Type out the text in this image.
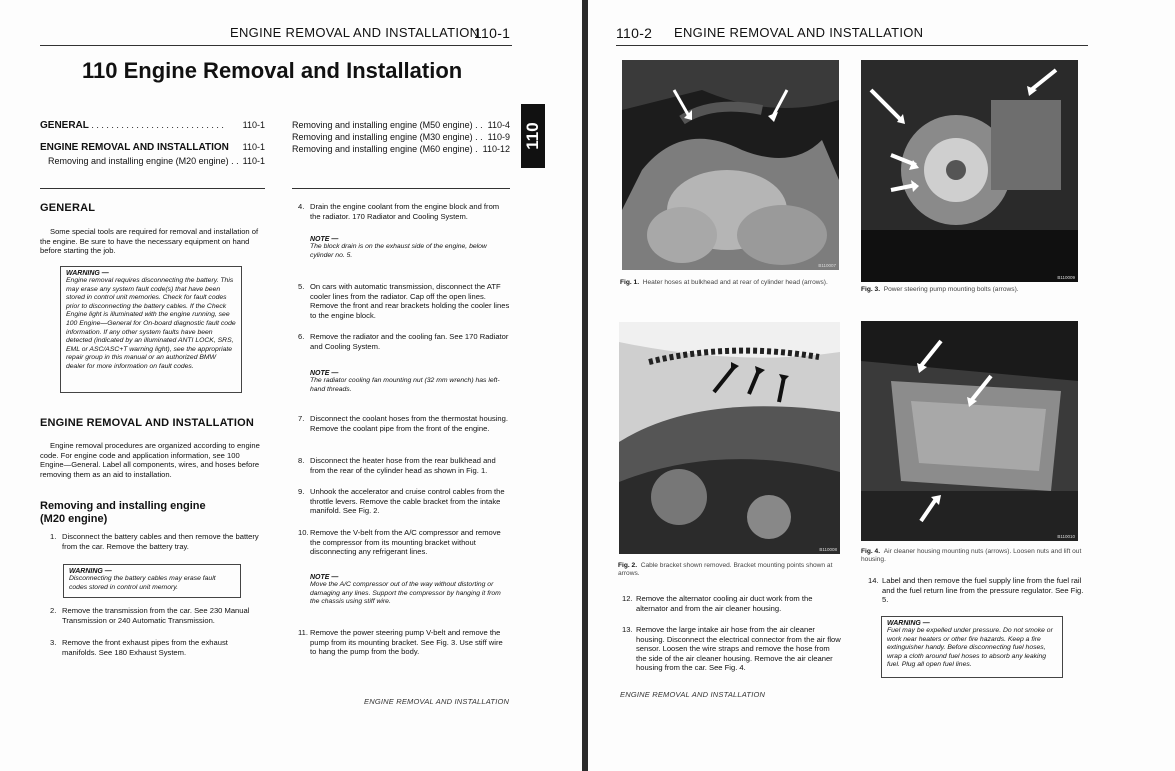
ENGINE REMOVAL AND INSTALLATION
110-1
110 Engine Removal and Installation
GENERAL . . . . . . . . . . . . . . . . . . . . . . . . . . . 110-1
ENGINE REMOVAL AND INSTALLATION 110-1
Removing and installing engine (M20 engine) . . 110-1
Removing and installing engine (M50 engine) . . 110-4
Removing and installing engine (M30 engine) . . 110-9
Removing and installing engine (M60 engine) . 110-12 110
GENERAL
Some special tools are required for removal and installation of the engine. Be sure to have the necessary equipment on hand before starting the job.
WARNING —
Engine removal requires disconnecting the battery. This may erase any system fault code(s) that have been stored in control unit memories. Check for fault codes prior to disconnecting the battery cables. If the Check Engine light is illuminated with the engine running, see 100 Engine—General for On-board diagnostic fault code information. If any other system faults have been detected (indicated by an illuminated ANTI LOCK, SRS, EML or ASC/ASC+T warning light), see the appropriate repair group in this manual or an authorized BMW dealer for more information on fault codes.
ENGINE REMOVAL AND INSTALLATION
Engine removal procedures are organized according to engine code. For engine code and application information, see 100 Engine—General. Label all components, wires, and hoses before removing them as an aid to installation.
Removing and installing engine
(M20 engine)
1. Disconnect the battery cables and then remove the battery from the car. Remove the battery tray.
WARNING —
Disconnecting the battery cables may erase fault codes stored in control unit memory.
2. Remove the transmission from the car. See 230 Manual Transmission or 240 Automatic Transmission.
3. Remove the front exhaust pipes from the exhaust manifolds. See 180 Exhaust System.
4. Drain the engine coolant from the engine block and from the radiator. 170 Radiator and Cooling System.
NOTE —
The block drain is on the exhaust side of the engine, below cylinder no. 5.
5. On cars with automatic transmission, disconnect the ATF cooler lines from the radiator. Cap off the open lines. Remove the front and rear brackets holding the cooler lines to the engine block.
6. Remove the radiator and the cooling fan. See 170 Radiator and Cooling System.
NOTE —
The radiator cooling fan mounting nut (32 mm wrench) has left-hand threads.
7. Disconnect the coolant hoses from the thermostat housing. Remove the coolant pipe from the front of the engine.
8. Disconnect the heater hose from the rear bulkhead and from the rear of the cylinder head as shown in Fig. 1.
9. Unhook the accelerator and cruise control cables from the throttle levers. Remove the cable bracket from the intake manifold. See Fig. 2.
10. Remove the V-belt from the A/C compressor and remove the compressor from its mounting bracket without disconnecting any refrigerant lines.
NOTE —
Move the A/C compressor out of the way without distorting or damaging any lines. Support the compressor by hanging it from the chassis using stiff wire.
11. Remove the power steering pump V-belt and remove the pump from its mounting bracket. See Fig. 3. Use stiff wire to hang the pump from the body.
ENGINE REMOVAL AND INSTALLATION
110-2 ENGINE REMOVAL AND INSTALLATION
B110007
Fig. 1. Heater hoses at bulkhead and at rear of cylinder head (arrows).
B110009
Fig. 3. Power steering pump mounting bolts (arrows).
B110008
Fig. 2. Cable bracket shown removed. Bracket mounting points shown at arrows.
B110010
Fig. 4. Air cleaner housing mounting nuts (arrows). Loosen nuts and lift out housing.
12. Remove the alternator cooling air duct work from the alternator and from the air cleaner housing.
13. Remove the large intake air hose from the air cleaner housing. Disconnect the electrical connector from the air flow sensor. Loosen the wire straps and remove the hose from the side of the air cleaner housing. Remove the air cleaner housing from the car. See Fig. 4.
14. Label and then remove the fuel supply line from the fuel rail and the fuel return line from the pressure regulator. See Fig. 5.
WARNING —
Fuel may be expelled under pressure. Do not smoke or work near heaters or other fire hazards. Keep a fire extinguisher handy. Before disconnecting fuel hoses, wrap a cloth around fuel hoses to absorb any leaking fuel. Plug all open fuel lines.
ENGINE REMOVAL AND INSTALLATION
